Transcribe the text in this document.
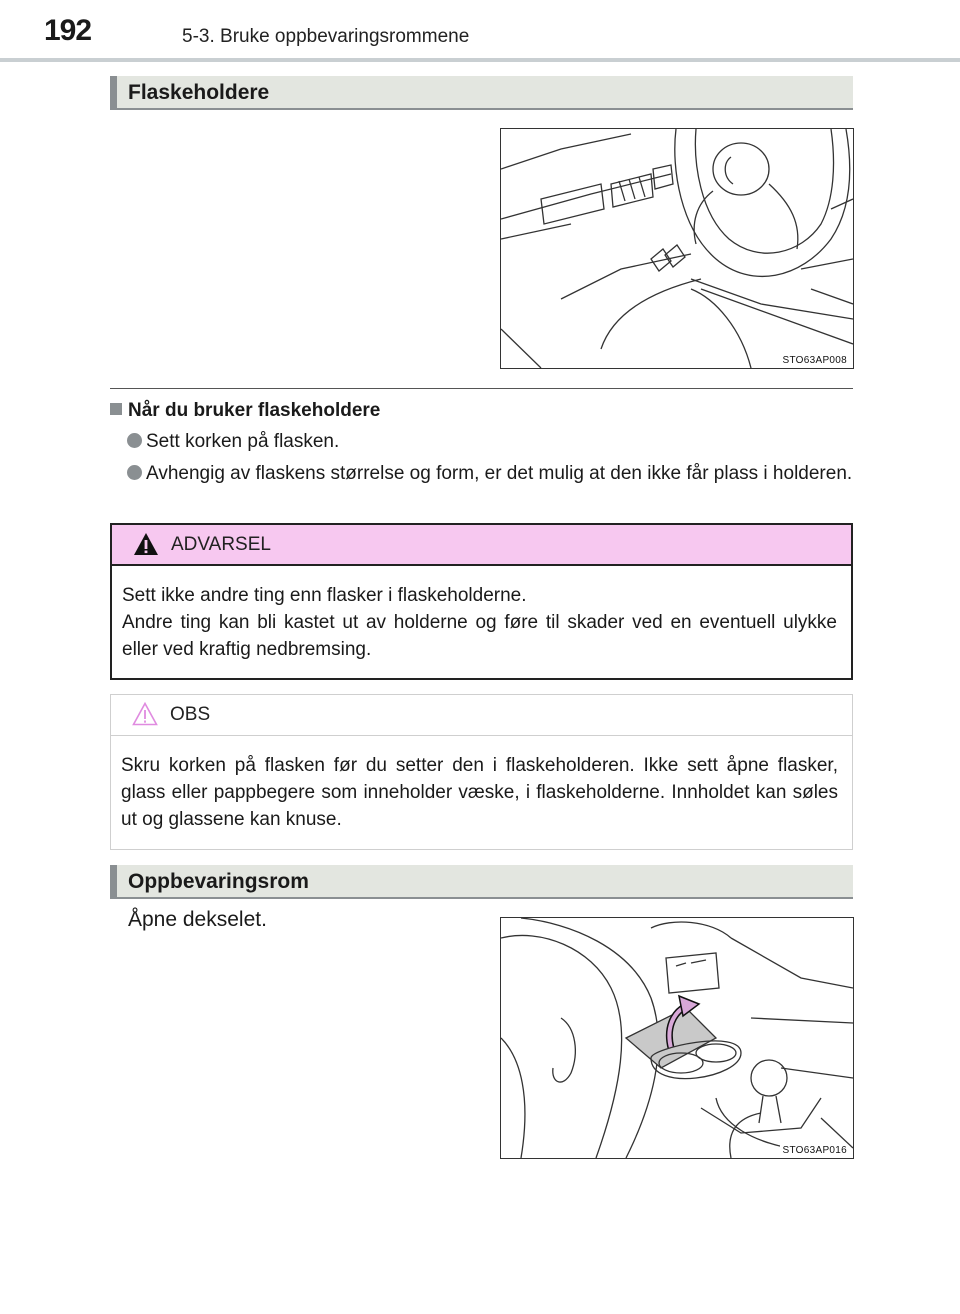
192	5-3. Bruke oppbevaringsrommene
Flaskeholdere
STO63AP008
Når du bruker flaskeholdere
Sett korken på flasken.
Avhengig av flaskens størrelse og form, er det mulig at den ikke får plass i holderen.
ADVARSEL

Sett ikke andre ting enn flasker i flaskeholderne.

Andre ting kan bli kastet ut av holderne og føre til skader ved en eventuell ulykke eller ved kraftig nedbremsing.

OBS

Skru korken på flasken før du setter den i flaskeholderen. Ikke sett åpne flasker, glass eller pappbegere som inneholder væske, i flaskeholderne. Innholdet kan søles ut og glassene kan knuse.

Oppbevaringsrom
Åpne dekselet.
STO63AP016
